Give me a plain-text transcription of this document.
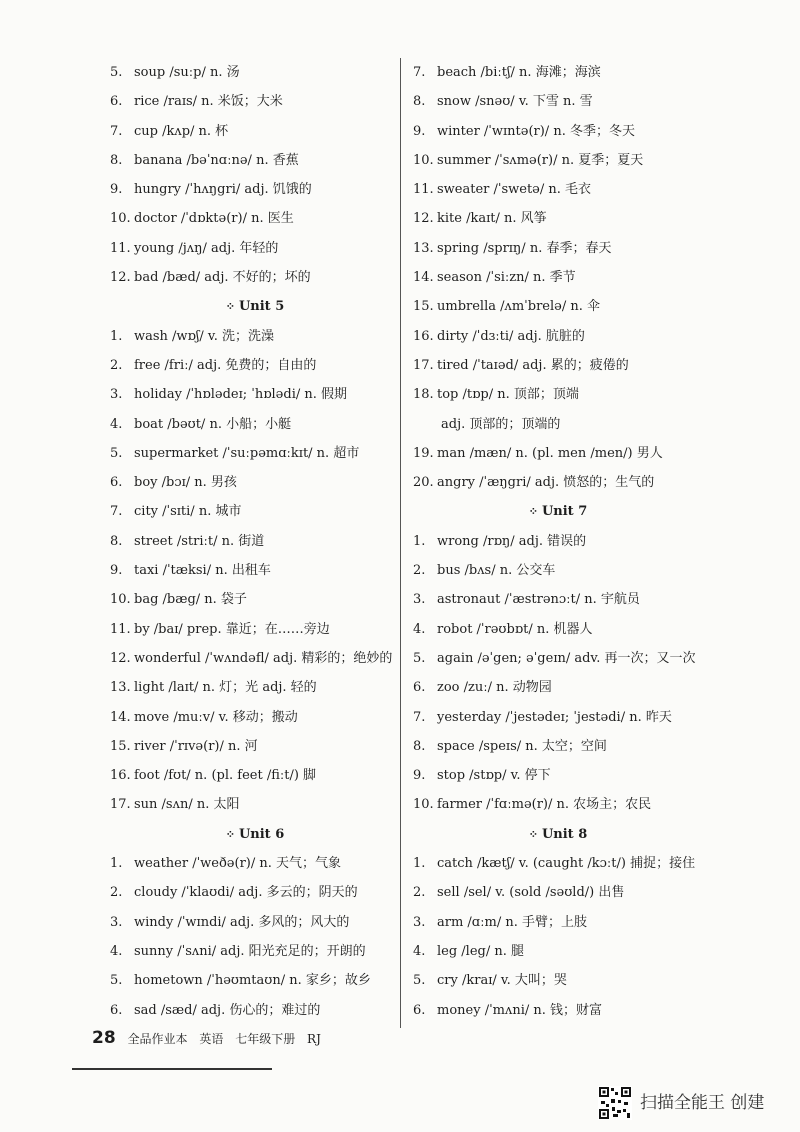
5. soup /suːp/ n. 汤
6. rice /raɪs/ n. 米饭；大米
7. cup /kʌp/ n. 杯
8. banana /bəˈnɑːnə/ n. 香蕉
9. hungry /ˈhʌŋgri/ adj. 饥饿的
10. doctor /ˈdɒktə(r)/ n. 医生
11. young /jʌŋ/ adj. 年轻的
12. bad /bæd/ adj. 不好的；坏的
⁘ Unit 5
1. wash /wɒʃ/ v. 洗；洗澡
2. free /friː/ adj. 免费的；自由的
3. holiday /ˈhɒlədeɪ; ˈhɒlədi/ n. 假期
4. boat /bəʊt/ n. 小船；小艇
5. supermarket /ˈsuːpəmɑːkɪt/ n. 超市
6. boy /bɔɪ/ n. 男孩
7. city /ˈsɪti/ n. 城市
8. street /striːt/ n. 街道
9. taxi /ˈtæksi/ n. 出租车
10. bag /bæg/ n. 袋子
11. by /baɪ/ prep. 靠近；在……旁边
12. wonderful /ˈwʌndəfl/ adj. 精彩的；绝妙的
13. light /laɪt/ n. 灯；光 adj. 轻的
14. move /muːv/ v. 移动；搬动
15. river /ˈrɪvə(r)/ n. 河
16. foot /fʊt/ n. (pl. feet /fiːt/) 脚
17. sun /sʌn/ n. 太阳
⁘ Unit 6
1. weather /ˈweðə(r)/ n. 天气；气象
2. cloudy /ˈklaʊdi/ adj. 多云的；阴天的
3. windy /ˈwɪndi/ adj. 多风的；风大的
4. sunny /ˈsʌni/ adj. 阳光充足的；开朗的
5. hometown /ˈhəʊmtaʊn/ n. 家乡；故乡
6. sad /sæd/ adj. 伤心的；难过的
7. beach /biːtʃ/ n. 海滩；海滨
8. snow /snəʊ/ v. 下雪 n. 雪
9. winter /ˈwɪntə(r)/ n. 冬季；冬天
10. summer /ˈsʌmə(r)/ n. 夏季；夏天
11. sweater /ˈswetə/ n. 毛衣
12. kite /kaɪt/ n. 风筝
13. spring /sprɪŋ/ n. 春季；春天
14. season /ˈsiːzn/ n. 季节
15. umbrella /ʌmˈbrelə/ n. 伞
16. dirty /ˈdɜːti/ adj. 肮脏的
17. tired /ˈtaɪəd/ adj. 累的；疲倦的
18. top /tɒp/ n. 顶部；顶端
adj. 顶部的；顶端的
19. man /mæn/ n. (pl. men /men/) 男人
20. angry /ˈæŋgri/ adj. 愤怒的；生气的
⁘ Unit 7
1. wrong /rɒŋ/ adj. 错误的
2. bus /bʌs/ n. 公交车
3. astronaut /ˈæstrənɔːt/ n. 宇航员
4. robot /ˈrəʊbɒt/ n. 机器人
5. again /əˈgen; əˈgeɪn/ adv. 再一次；又一次
6. zoo /zuː/ n. 动物园
7. yesterday /ˈjestədeɪ; ˈjestədi/ n. 昨天
8. space /speɪs/ n. 太空；空间
9. stop /stɒp/ v. 停下
10. farmer /ˈfɑːmə(r)/ n. 农场主；农民
⁘ Unit 8
1. catch /kætʃ/ v. (caught /kɔːt/) 捕捉；接住
2. sell /sel/ v. (sold /səʊld/) 出售
3. arm /ɑːm/ n. 手臂；上肢
4. leg /leg/ n. 腿
5. cry /kraɪ/ v. 大叫；哭
6. money /ˈmʌni/ n. 钱；财富
28 全品作业本 英语 七年级下册 RJ
扫描全能王 创建
